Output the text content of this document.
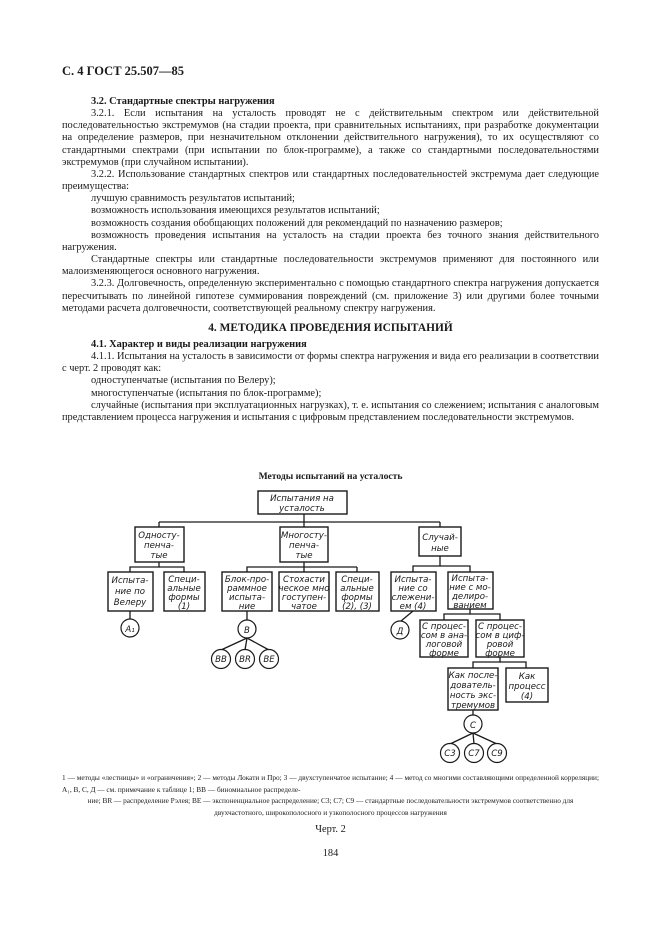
С. 4 ГОСТ 25.507—85

3.2. Стандартные спектры нагружения

3.2.1. Если испытания на усталость проводят не с действительным спектром или действительной последовательностью экстремумов (на стадии проекта, при сравнительных испытаниях, при разработке документации на определение размеров, при незначительном отклонении действительного нагружения), то их осуществляют со стандартными спектрами (при испытании по блок-программе), а также со стандартными последовательностями экстремумов (при случайном испытании).

3.2.2. Использование стандартных спектров или стандартных последовательностей экстремума дает следующие преимущества:

лучшую сравнимость результатов испытаний;

возможность использования имеющихся результатов испытаний;

возможность создания обобщающих положений для рекомендаций по назначению размеров;

возможность проведения испытания на усталость на стадии проекта без точного знания действительного нагружения.

Стандартные спектры или стандартные последовательности экстремумов применяют для постоянного или малоизменяющегося основного нагружения.

3.2.3. Долговечность, определенную экспериментально с помощью стандартного спектра нагружения допускается пересчитывать по линейной гипотезе суммирования повреждений (см. приложение 3) или другими более точными методами расчета долговечности, соответствующей реальному спектру нагружения.

4. МЕТОДИКА ПРОВЕДЕНИЯ ИСПЫТАНИЙ

4.1. Характер и виды реализации нагружения

4.1.1. Испытания на усталость в зависимости от формы спектра нагружения и вида его реализации в соответствии с черт. 2 проводят как:

одноступенчатые (испытания по Велеру);

многоступенчатые (испытания по блок-программе);

случайные (испытания при эксплуатационных нагрузках), т. е. испытания со слежением; испытания с аналоговым представлением процесса нагружения и испытания с цифровым представлением последовательности экстремумов.

Методы испытаний на усталость
Испытания на
усталость
Односту-
пенча-
тые
Многосту-
пенча-
тые
Случай-
ные
Испыта-
ние по
Велеру
Специ-
альные
формы
(1)
Блок-про-
раммное
испыта-
ние
Стохасти
ческое мно
гоступен-
чатое
Специ-
альные
формы
(2), (3)
Испыта-
ние со
слежени-
ем (4)
Испыта-
ние с мо-
делиро-
ванием
С процес-
сом в ана-
логовой
форме
С процес-
сом в циф-
ровой
форме
Как после-
дователь-
ность экс-
тремумов
Как
процесс
(4)
A₁	B
BB BR BE
Д
C
C3 C7 C9
1 — методы «лестницы» и «ограничения»; 2 — методы Локати и Про; 3 — двухступенчатое испытание; 4 — метод со многими составляющими определенной корреляции; A₁, B, C, Д — см. примечание к таблице 1; BB — биномиальное распределе-
ние; BR — распределение Рэлея; BE — экспоненциальное распределение; C3; C7; C9 — стандартные последовательности экстремумов соответственно для двухчастотного, широкополосного и узкополосного процессов нагружения
Черт. 2
184
